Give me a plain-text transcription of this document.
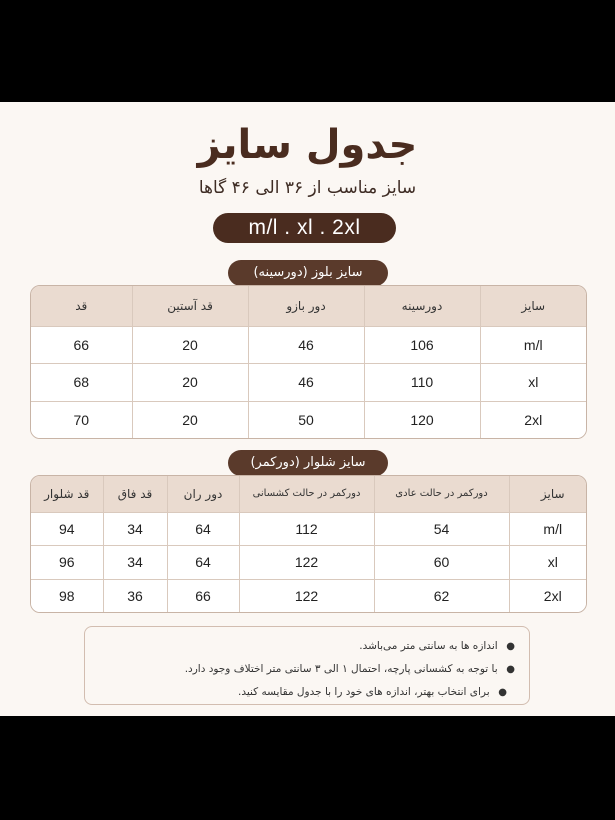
جدول سایز
سایز مناسب از ۳۶ الی ۴۶ گاها
m/l . xl . 2xl
سایز بلوز (دورسینه)
سایز	دورسینه	دور بازو	قد آستین	قد
m/l	106	46	20	66
xl	110	46	20	68
2xl	120	50	20	70
سایز شلوار (دورکمر)
سایز	دورکمر در حالت عادی	دورکمر در حالت کشسانی	دور ران	قد فاق	قد شلوار
m/l	54	112	64	34	94
xl	60	122	64	34	96
2xl	62	122	66	36	98
● اندازه ها به سانتی متر می‌باشد.
● با توجه به کشسانی پارچه، احتمال ۱ الی ۳ سانتی متر اختلاف وجود دارد.
● برای انتخاب بهتر، اندازه های خود را با جدول مقایسه کنید.
